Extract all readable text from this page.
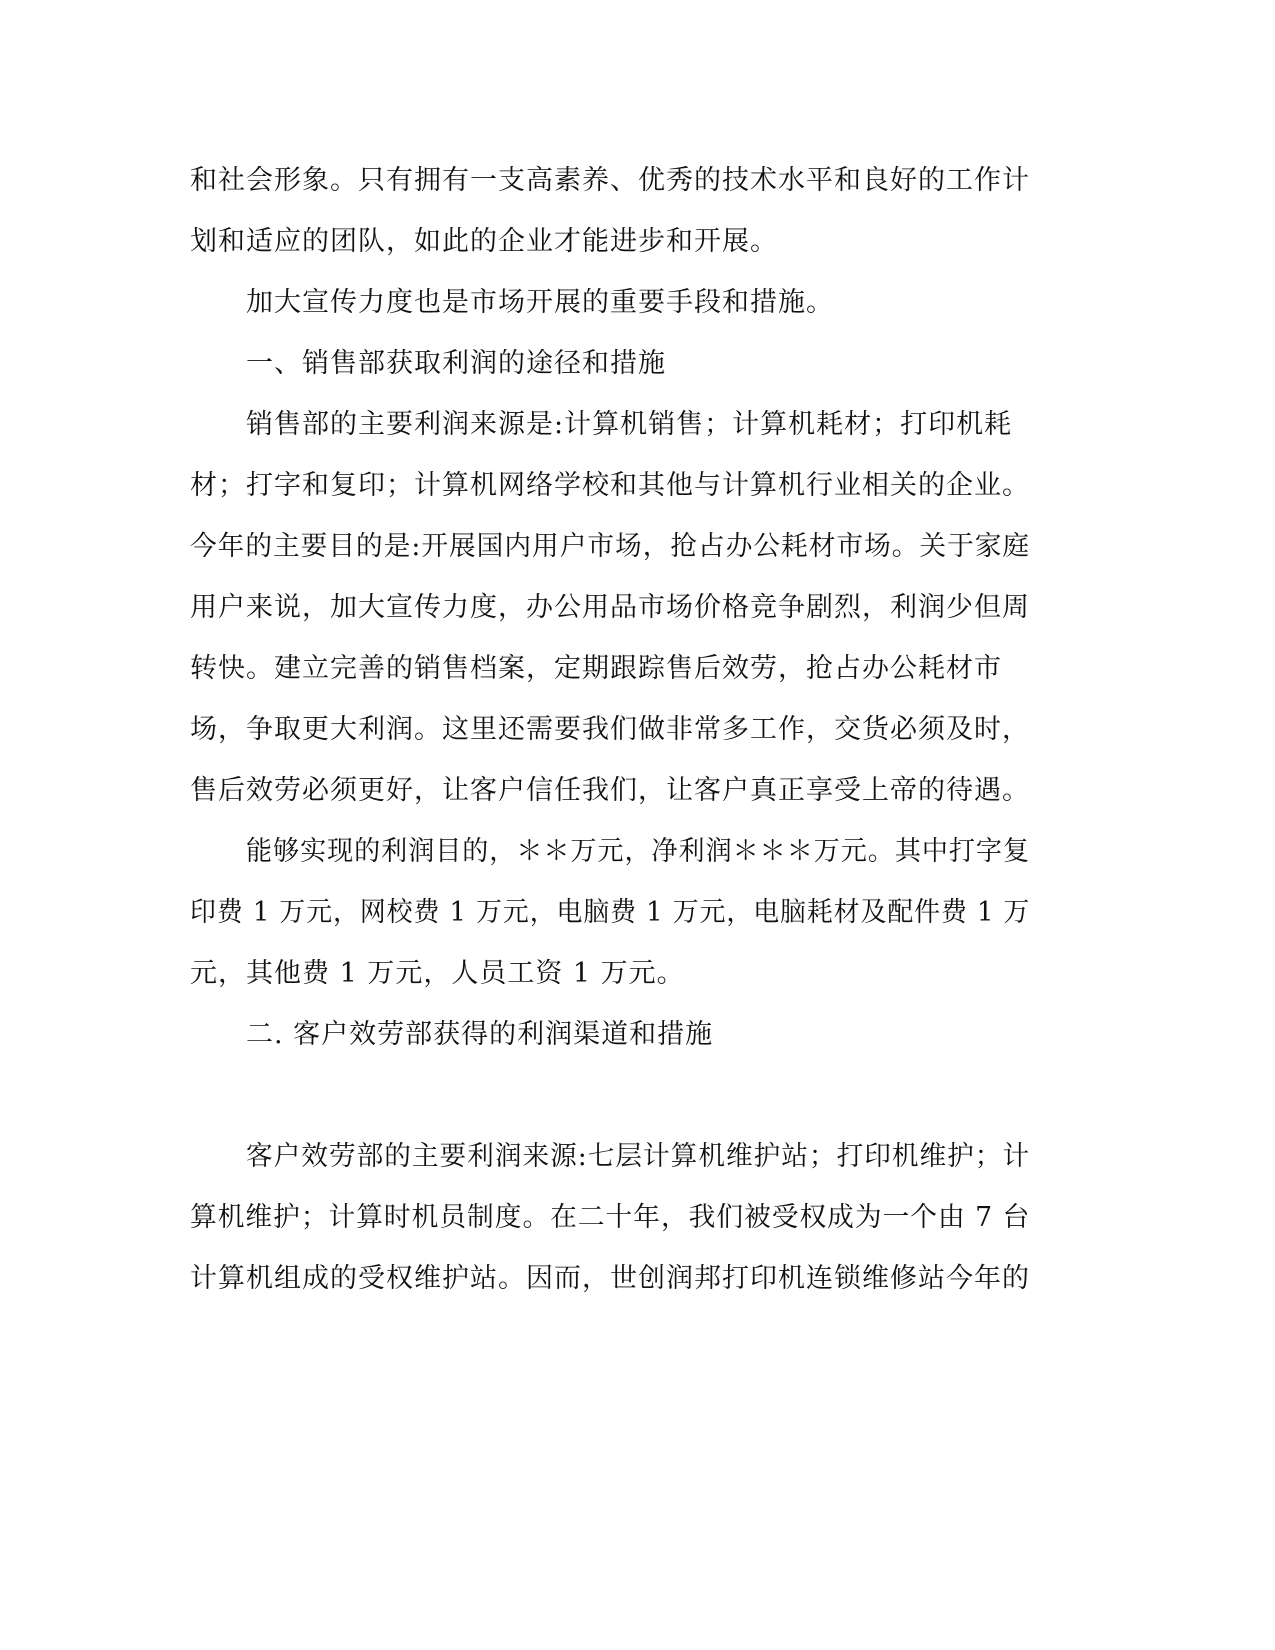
和社会形象。只有拥有一支高素养、优秀的技术水平和良好的工作计
划和适应的团队，如此的企业才能进步和开展。
加大宣传力度也是市场开展的重要手段和措施。
一、销售部获取利润的途径和措施
销售部的主要利润来源是:计算机销售；计算机耗材；打印机耗
材；打字和复印；计算机网络学校和其他与计算机行业相关的企业。
今年的主要目的是:开展国内用户市场，抢占办公耗材市场。关于家庭
用户来说，加大宣传力度，办公用品市场价格竞争剧烈，利润少但周
转快。建立完善的销售档案，定期跟踪售后效劳，抢占办公耗材市
场，争取更大利润。这里还需要我们做非常多工作，交货必须及时，
售后效劳必须更好，让客户信任我们，让客户真正享受上帝的待遇。
能够实现的利润目的，＊＊万元，净利润＊＊＊万元。其中打字复
印费 1 万元，网校费 1 万元，电脑费 1 万元，电脑耗材及配件费 1 万
元，其他费 1 万元，人员工资 1 万元。
二. 客户效劳部获得的利润渠道和措施
客户效劳部的主要利润来源:七层计算机维护站；打印机维护；计
算机维护；计算时机员制度。在二十年，我们被受权成为一个由 7 台
计算机组成的受权维护站。因而，世创润邦打印机连锁维修站今年的
